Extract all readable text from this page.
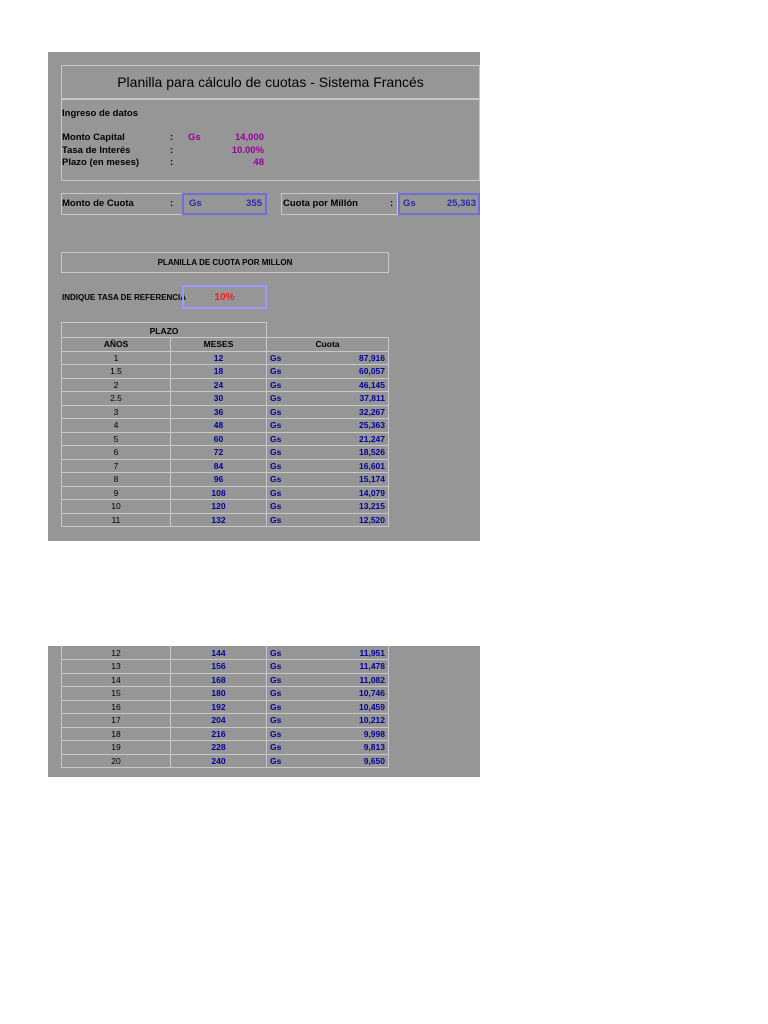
Planilla para cálculo de cuotas - Sistema Francés
Ingreso de datos
Monto Capital	: Gs	14,000
Tasa de Interés	:	10.00%
Plazo (en meses)	:	48
Monto de Cuota	: Gs	355 Cuota por Millón	: Gs	25,363
PLANILLA DE CUOTA POR MILLON
INDIQUE TASA DE REFERENCIA	10%
PLAZO
AÑOS	MESES	Cuota
1	12	Gs 87,916

1.5	18	Gs 60,057

2	24	Gs 46,145

2.5	30	Gs 37,811

3	36	Gs 32,267

4	48	Gs 25,363

5	60	Gs 21,247

6	72	Gs 18,526

7	84	Gs 16,601

8	96	Gs 15,174

9	108	Gs 14,079

10	120	Gs 13,215

11	132	Gs 12,520
12	144	Gs 11,951

13	156	Gs 11,478

14	168	Gs 11,082

15	180	Gs 10,746

16	192	Gs 10,459

17	204	Gs 10,212

18	216	Gs 9,998

19	228	Gs 9,813

20	240	Gs 9,650
